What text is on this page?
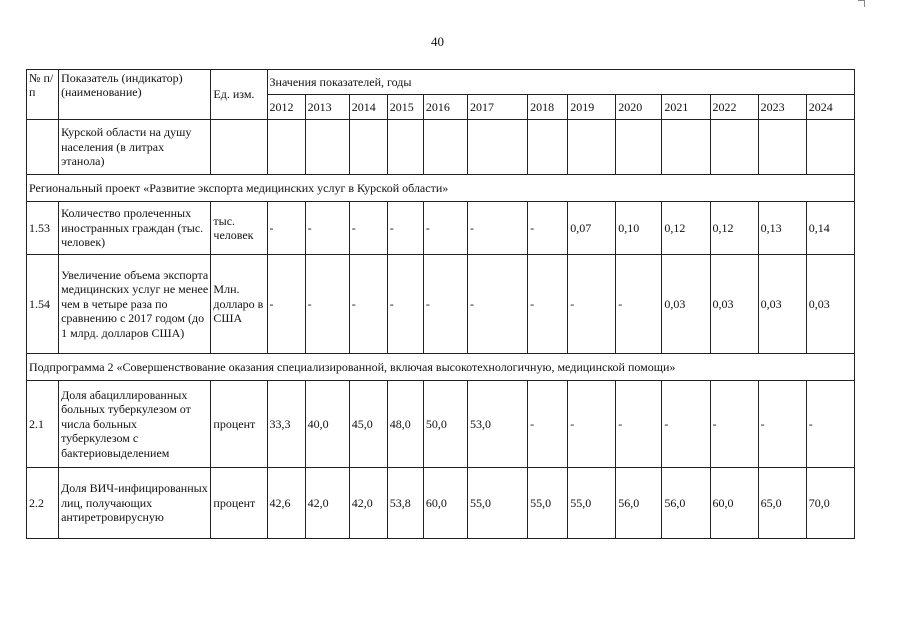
40
№ п/п	Показатель (индикатор) (наименование)	Ед. изм.	Значения показателей, годы												
			2012	2013	2014	2015	2016	2017	2018	2019	2020	2021	2022	2023	2024
	Курской области на душу населения (в литрах этанола)														
Региональный проект «Развитие экспорта медицинских услуг в Курской области»															
1.53	Количество пролеченных иностранных граждан (тыс. человек)	тыс. человек	-	-	-	-	-	-	-	0,07	0,10	0,12	0,12	0,13	0,14
1.54	Увеличение объема экспорта медицинских услуг не менее чем в четыре раза по сравнению с 2017 годом (до 1 млрд. долларов США)	Млн. долларо в США	-	-	-	-	-	-	-	-	-	0,03	0,03	0,03	0,03
Подпрограмма 2 «Совершенствование оказания специализированной, включая высокотехнологичную, медицинской помощи»															
2.1	Доля абациллированных больных туберкулезом от числа больных туберкулезом с бактериовыделением	процент	33,3	40,0	45,0	48,0	50,0	53,0	-	-	-	-	-	-	-
2.2	Доля ВИЧ-инфицированных лиц, получающих антиретровирусную	процент	42,6	42,0	42,0	53,8	60,0	55,0	55,0	55,0	56,0	56,0	60,0	65,0	70,0
